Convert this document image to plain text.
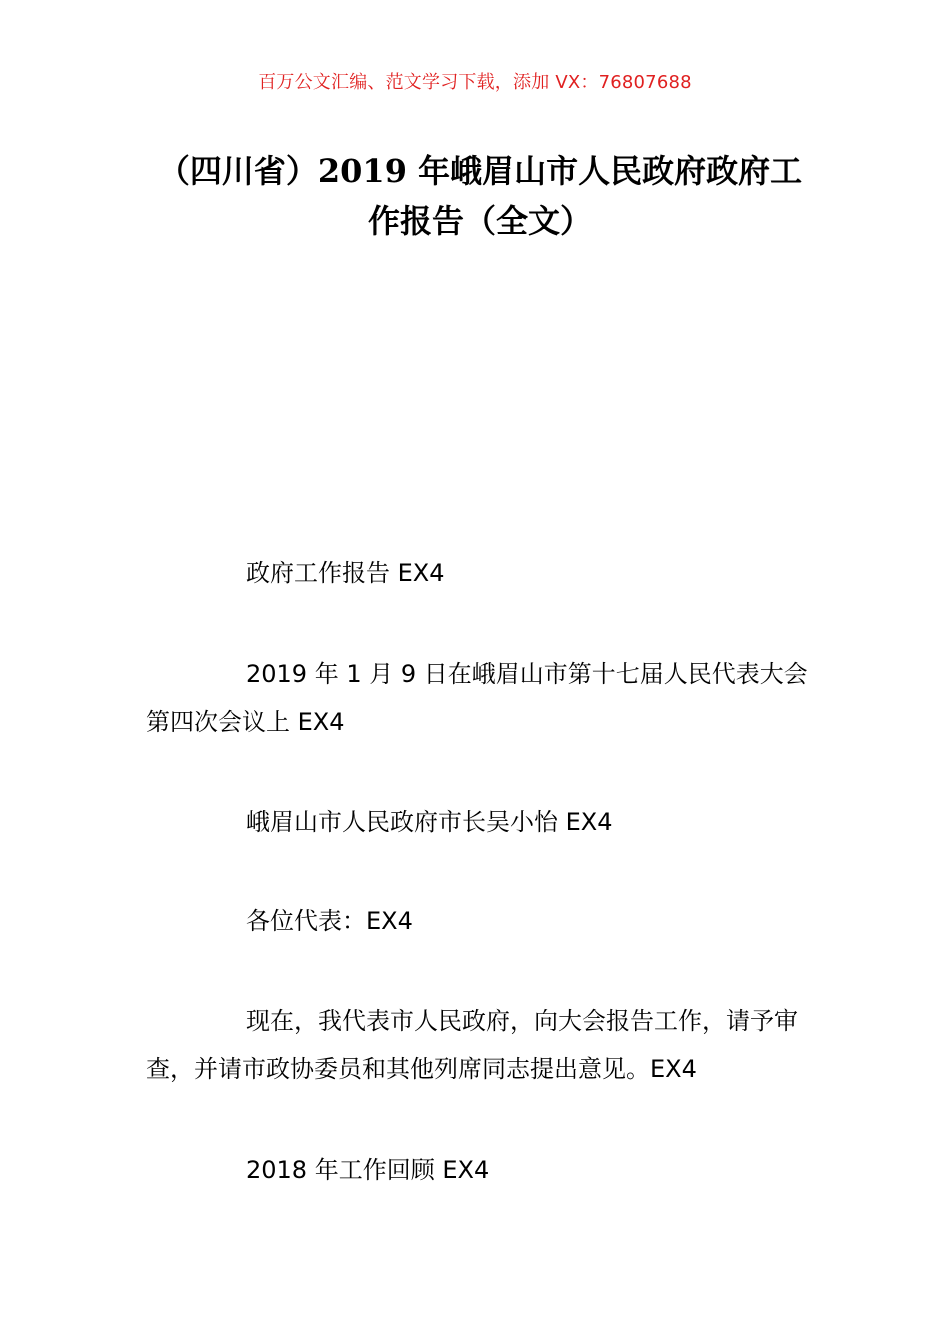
百万公文汇编、范文学习下载，添加 VX：76807688
（四川省）2019 年峨眉山市人民政府政府工作报告（全文）
政府工作报告 EX4
2019 年 1 月 9 日在峨眉山市第十七届人民代表大会第四次会议上 EX4
峨眉山市人民政府市长吴小怡 EX4
各位代表：EX4
现在，我代表市人民政府，向大会报告工作，请予审查，并请市政协委员和其他列席同志提出意见。EX4
2018 年工作回顾 EX4
